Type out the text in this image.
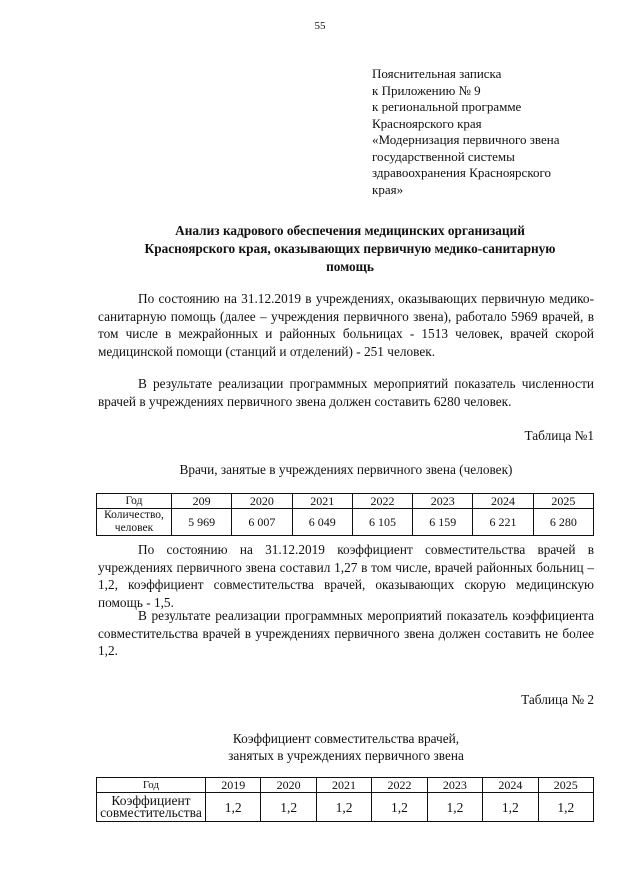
55
Пояснительная записка
к Приложению № 9
к региональной программе
Красноярского края
«Модернизация первичного звена
государственной системы
здравоохранения Красноярского
края»
Анализ кадрового обеспечения медицинских организаций
Красноярского края, оказывающих первичную медико-санитарную
помощь
По состоянию на 31.12.2019 в учреждениях, оказывающих первичную медико-санитарную помощь (далее – учреждения первичного звена), работало 5969 врачей, в том числе в межрайонных и районных больницах - 1513 человек, врачей скорой медицинской помощи (станций и отделений) - 251 человек.
В результате реализации программных мероприятий показатель численности врачей в учреждениях первичного звена должен составить 6280 человек.
Таблица №1
Врачи, занятые в учреждениях первичного звена (человек)
Год	209	2020	2021	2022	2023	2024	2025
Количество, человек	5 969	6 007	6 049	6 105	6 159	6 221	6 280
По состоянию на 31.12.2019 коэффициент совместительства врачей в учреждениях первичного звена составил 1,27 в том числе, врачей районных больниц – 1,2, коэффициент совместительства врачей, оказывающих скорую медицинскую помощь - 1,5.
В результате реализации программных мероприятий показатель коэффициента совместительства врачей в учреждениях первичного звена должен составить не более 1,2.
Таблица № 2
Коэффициент совместительства врачей,
занятых в учреждениях первичного звена
Год	2019	2020	2021	2022	2023	2024	2025
Коэффициент совместительства	1,2	1,2	1,2	1,2	1,2	1,2	1,2
